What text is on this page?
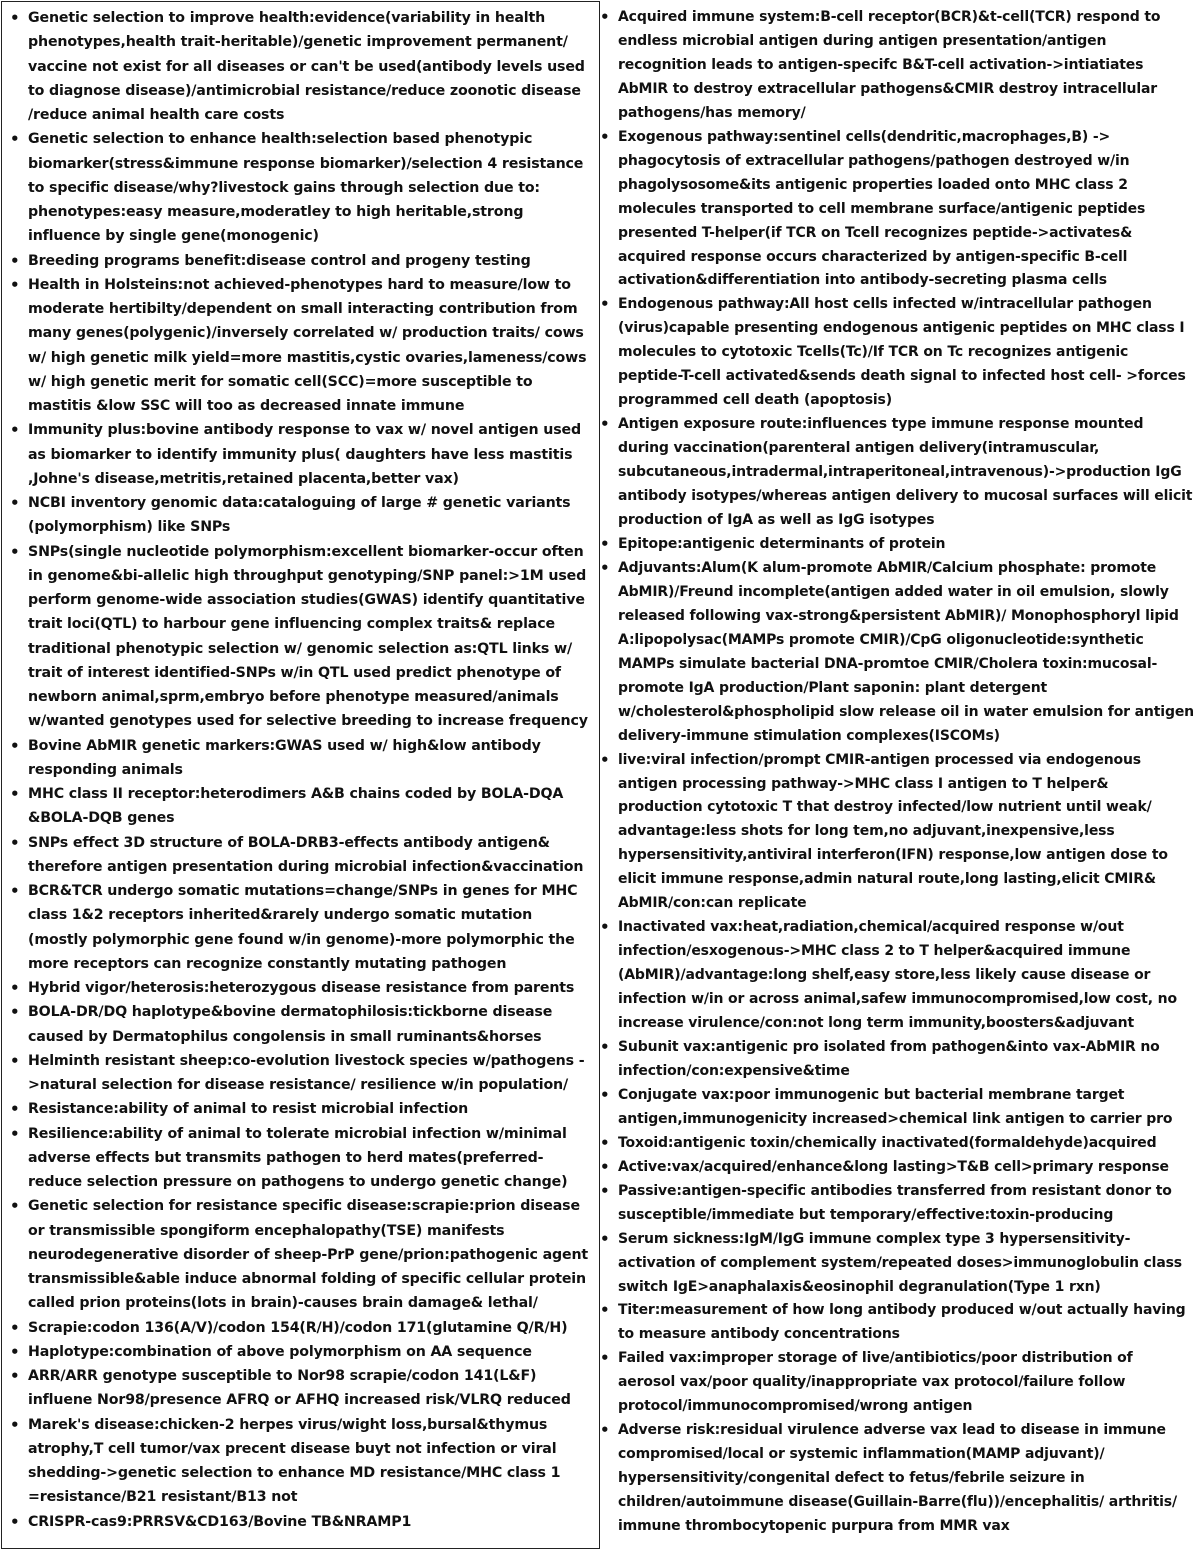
• Genetic selection to improve health:evidence(variability in health phenotypes,health trait-heritable)/genetic improvement permanent/ vaccine not exist for all diseases or can't be used(antibody levels used to diagnose disease)/antimicrobial resistance/reduce zoonotic disease /reduce animal health care costs
• Genetic selection to enhance health:selection based phenotypic biomarker(stress&immune response biomarker)/selection 4 resistance to specific disease/why?livestock gains through selection due to: phenotypes:easy measure,moderatley to high heritable,strong influence by single gene(monogenic)
• Breeding programs benefit:disease control and progeny testing
• Health in Holsteins:not achieved-phenotypes hard to measure/low to moderate hertibilty/dependent on small interacting contribution from many genes(polygenic)/inversely correlated w/ production traits/ cows w/ high genetic milk yield=more mastitis,cystic ovaries,lameness/cows w/ high genetic merit for somatic cell(SCC)=more susceptible to mastitis &low SSC will too as decreased innate immune
• Immunity plus:bovine antibody response to vax w/ novel antigen used as biomarker to identify immunity plus( daughters have less mastitis ,Johne's disease,metritis,retained placenta,better vax)
• NCBI inventory genomic data:cataloguing of large # genetic variants (polymorphism) like SNPs
• SNPs(single nucleotide polymorphism:excellent biomarker-occur often in genome&bi-allelic high throughput genotyping/SNP panel:>1M used perform genome-wide association studies(GWAS) identify quantitative trait loci(QTL) to harbour gene influencing complex traits& replace traditional phenotypic selection w/ genomic selection as:QTL links w/ trait of interest identified-SNPs w/in QTL used predict phenotype of newborn animal,sprm,embryo before phenotype measured/animals w/wanted genotypes used for selective breeding to increase frequency
• Bovine AbMIR genetic markers:GWAS used w/ high&low antibody responding animals
• MHC class II receptor:heterodimers A&B chains coded by BOLA-DQA &BOLA-DQB genes
• SNPs effect 3D structure of BOLA-DRB3-effects antibody antigen& therefore antigen presentation during microbial infection&vaccination
• BCR&TCR undergo somatic mutations=change/SNPs in genes for MHC class 1&2 receptors inherited&rarely undergo somatic mutation (mostly polymorphic gene found w/in genome)-more polymorphic the more receptors can recognize constantly mutating pathogen
• Hybrid vigor/heterosis:heterozygous disease resistance from parents
• BOLA-DR/DQ haplotype&bovine dermatophilosis:tickborne disease caused by Dermatophilus congolensis in small ruminants&horses
• Helminth resistant sheep:co-evolution livestock species w/pathogens ->natural selection for disease resistance/ resilience w/in population/
• Resistance:ability of animal to resist microbial infection
• Resilience:ability of animal to tolerate microbial infection w/minimal adverse effects but transmits pathogen to herd mates(preferred- reduce selection pressure on pathogens to undergo genetic change)
• Genetic selection for resistance specific disease:scrapie:prion disease or transmissible spongiform encephalopathy(TSE) manifests neurodegenerative disorder of sheep-PrP gene/prion:pathogenic agent transmissible&able induce abnormal folding of specific cellular protein called prion proteins(lots in brain)-causes brain damage& lethal/
• Scrapie:codon 136(A/V)/codon 154(R/H)/codon 171(glutamine Q/R/H)
• Haplotype:combination of above polymorphism on AA sequence
• ARR/ARR genotype susceptible to Nor98 scrapie/codon 141(L&F) influene Nor98/presence AFRQ or AFHQ increased risk/VLRQ reduced
• Marek's disease:chicken-2 herpes virus/wight loss,bursal&thymus atrophy,T cell tumor/vax precent disease buyt not infection or viral shedding->genetic selection to enhance MD resistance/MHC class 1 =resistance/B21 resistant/B13 not
• CRISPR-cas9:PRRSV&CD163/Bovine TB&NRAMP1
• Acquired immune system:B-cell receptor(BCR)&t-cell(TCR) respond to endless microbial antigen during antigen presentation/antigen recognition leads to antigen-specifc B&T-cell activation->intiatiates AbMIR to destroy extracellular pathogens&CMIR destroy intracellular pathogens/has memory/
• Exogenous pathway:sentinel cells(dendritic,macrophages,B) -> phagocytosis of extracellular pathogens/pathogen destroyed w/in phagolysosome&its antigenic properties loaded onto MHC class 2 molecules transported to cell membrane surface/antigenic peptides presented T-helper(if TCR on Tcell recognizes peptide->activates& acquired response occurs characterized by antigen-specific B-cell activation&differentiation into antibody-secreting plasma cells
• Endogenous pathway:All host cells infected w/intracellular pathogen (virus)capable presenting endogenous antigenic peptides on MHC class I molecules to cytotoxic Tcells(Tc)/If TCR on Tc recognizes antigenic peptide-T-cell activated&sends death signal to infected host cell- >forces programmed cell death (apoptosis)
• Antigen exposure route:influences type immune response mounted during vaccination(parenteral antigen delivery(intramuscular, subcutaneous,intradermal,intraperitoneal,intravenous)->production IgG antibody isotypes/whereas antigen delivery to mucosal surfaces will elicit production of IgA as well as IgG isotypes
• Epitope:antigenic determinants of protein
• Adjuvants:Alum(K alum-promote AbMIR/Calcium phosphate: promote AbMIR)/Freund incomplete(antigen added water in oil emulsion, slowly released following vax-strong&persistent AbMIR)/ Monophosphoryl lipid A:lipopolysac(MAMPs promote CMIR)/CpG oligonucleotide:synthetic MAMPs simulate bacterial DNA-promtoe CMIR/Cholera toxin:mucosal-promote IgA production/Plant saponin: plant detergent w/cholesterol&phospholipid slow release oil in water emulsion for antigen delivery-immune stimulation complexes(ISCOMs)
• live:viral infection/prompt CMIR-antigen processed via endogenous antigen processing pathway->MHC class I antigen to T helper& production cytotoxic T that destroy infected/low nutrient until weak/ advantage:less shots for long tem,no adjuvant,inexpensive,less hypersensitivity,antiviral interferon(IFN) response,low antigen dose to elicit immune response,admin natural route,long lasting,elicit CMIR& AbMIR/con:can replicate
• Inactivated vax:heat,radiation,chemical/acquired response w/out infection/esxogenous->MHC class 2 to T helper&acquired immune (AbMIR)/advantage:long shelf,easy store,less likely cause disease or infection w/in or across animal,safew immunocompromised,low cost, no increase virulence/con:not long term immunity,boosters&adjuvant
• Subunit vax:antigenic pro isolated from pathogen&into vax-AbMIR no infection/con:expensive&time
• Conjugate vax:poor immunogenic but bacterial membrane target antigen,immunogenicity increased>chemical link antigen to carrier pro
• Toxoid:antigenic toxin/chemically inactivated(formaldehyde)acquired
• Active:vax/acquired/enhance&long lasting>T&B cell>primary response
• Passive:antigen-specific antibodies transferred from resistant donor to susceptible/immediate but temporary/effective:toxin-producing
• Serum sickness:IgM/IgG immune complex type 3 hypersensitivity- activation of complement system/repeated doses>immunoglobulin class switch IgE>anaphalaxis&eosinophil degranulation(Type 1 rxn)
• Titer:measurement of how long antibody produced w/out actually having to measure antibody concentrations
• Failed vax:improper storage of live/antibiotics/poor distribution of aerosol vax/poor quality/inappropriate vax protocol/failure follow protocol/immunocompromised/wrong antigen
• Adverse risk:residual virulence adverse vax lead to disease in immune compromised/local or systemic inflammation(MAMP adjuvant)/ hypersensitivity/congenital defect to fetus/febrile seizure in children/autoimmune disease(Guillain-Barre(flu))/encephalitis/ arthritis/ immune thrombocytopenic purpura from MMR vax
